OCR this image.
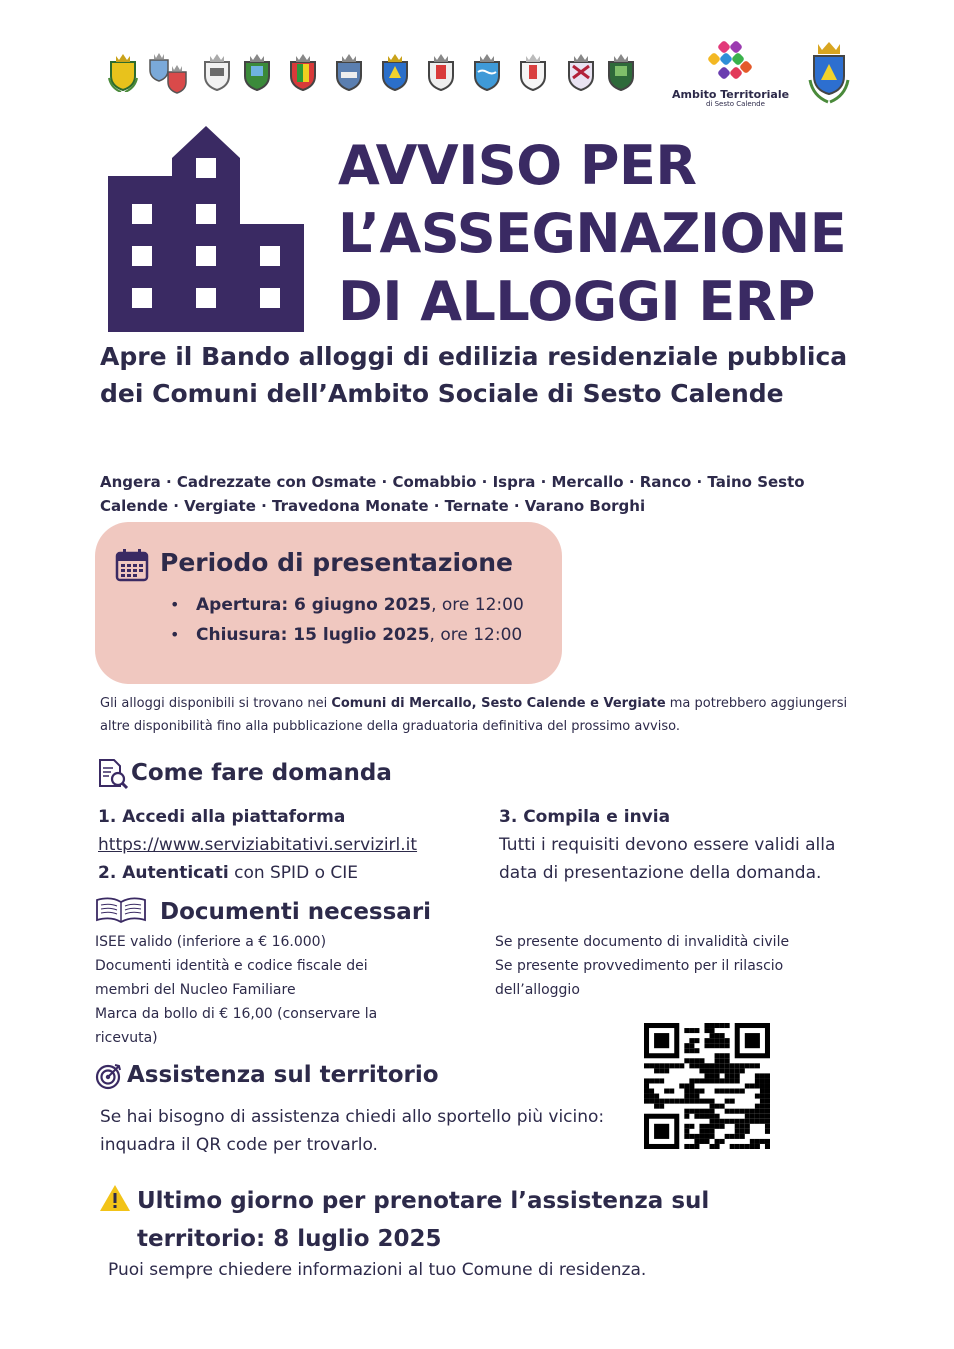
Ambito Territoriale
di Sesto Calende
AVVISO PER
L’ASSEGNAZIONE
DI ALLOGGI ERP
Apre il Bando alloggi di edilizia residenziale pubblica dei Comuni dell’Ambito Sociale di Sesto Calende
Angera · Cadrezzate con Osmate · Comabbio · Ispra · Mercallo · Ranco · Taino Sesto Calende · Vergiate · Travedona Monate · Ternate · Varano Borghi
Periodo di presentazione
• Apertura: 6 giugno 2025, ore 12:00
• Chiusura: 15 luglio 2025, ore 12:00
Gli alloggi disponibili si trovano nei Comuni di Mercallo, Sesto Calende e Vergiate ma potrebbero aggiungersi altre disponibilità fino alla pubblicazione della graduatoria definitiva del prossimo avviso.
Come fare domanda
1. Accedi alla piattaforma
https://www.serviziabitativi.servizirl.it
2. Autenticati con SPID o CIE
3. Compila e invia
Tutti i requisiti devono essere validi alla data di presentazione della domanda.
Documenti necessari
ISEE valido (inferiore a € 16.000)
Documenti identità e codice fiscale dei membri del Nucleo Familiare
Marca da bollo di € 16,00 (conservare la ricevuta)
Se presente documento di invalidità civile
Se presente provvedimento per il rilascio dell’alloggio
Assistenza sul territorio
Se hai bisogno di assistenza chiedi allo sportello più vicino: inquadra il QR code per trovarlo.
Ultimo giorno per prenotare l’assistenza sul territorio: 8 luglio 2025
Puoi sempre chiedere informazioni al tuo Comune di residenza.
